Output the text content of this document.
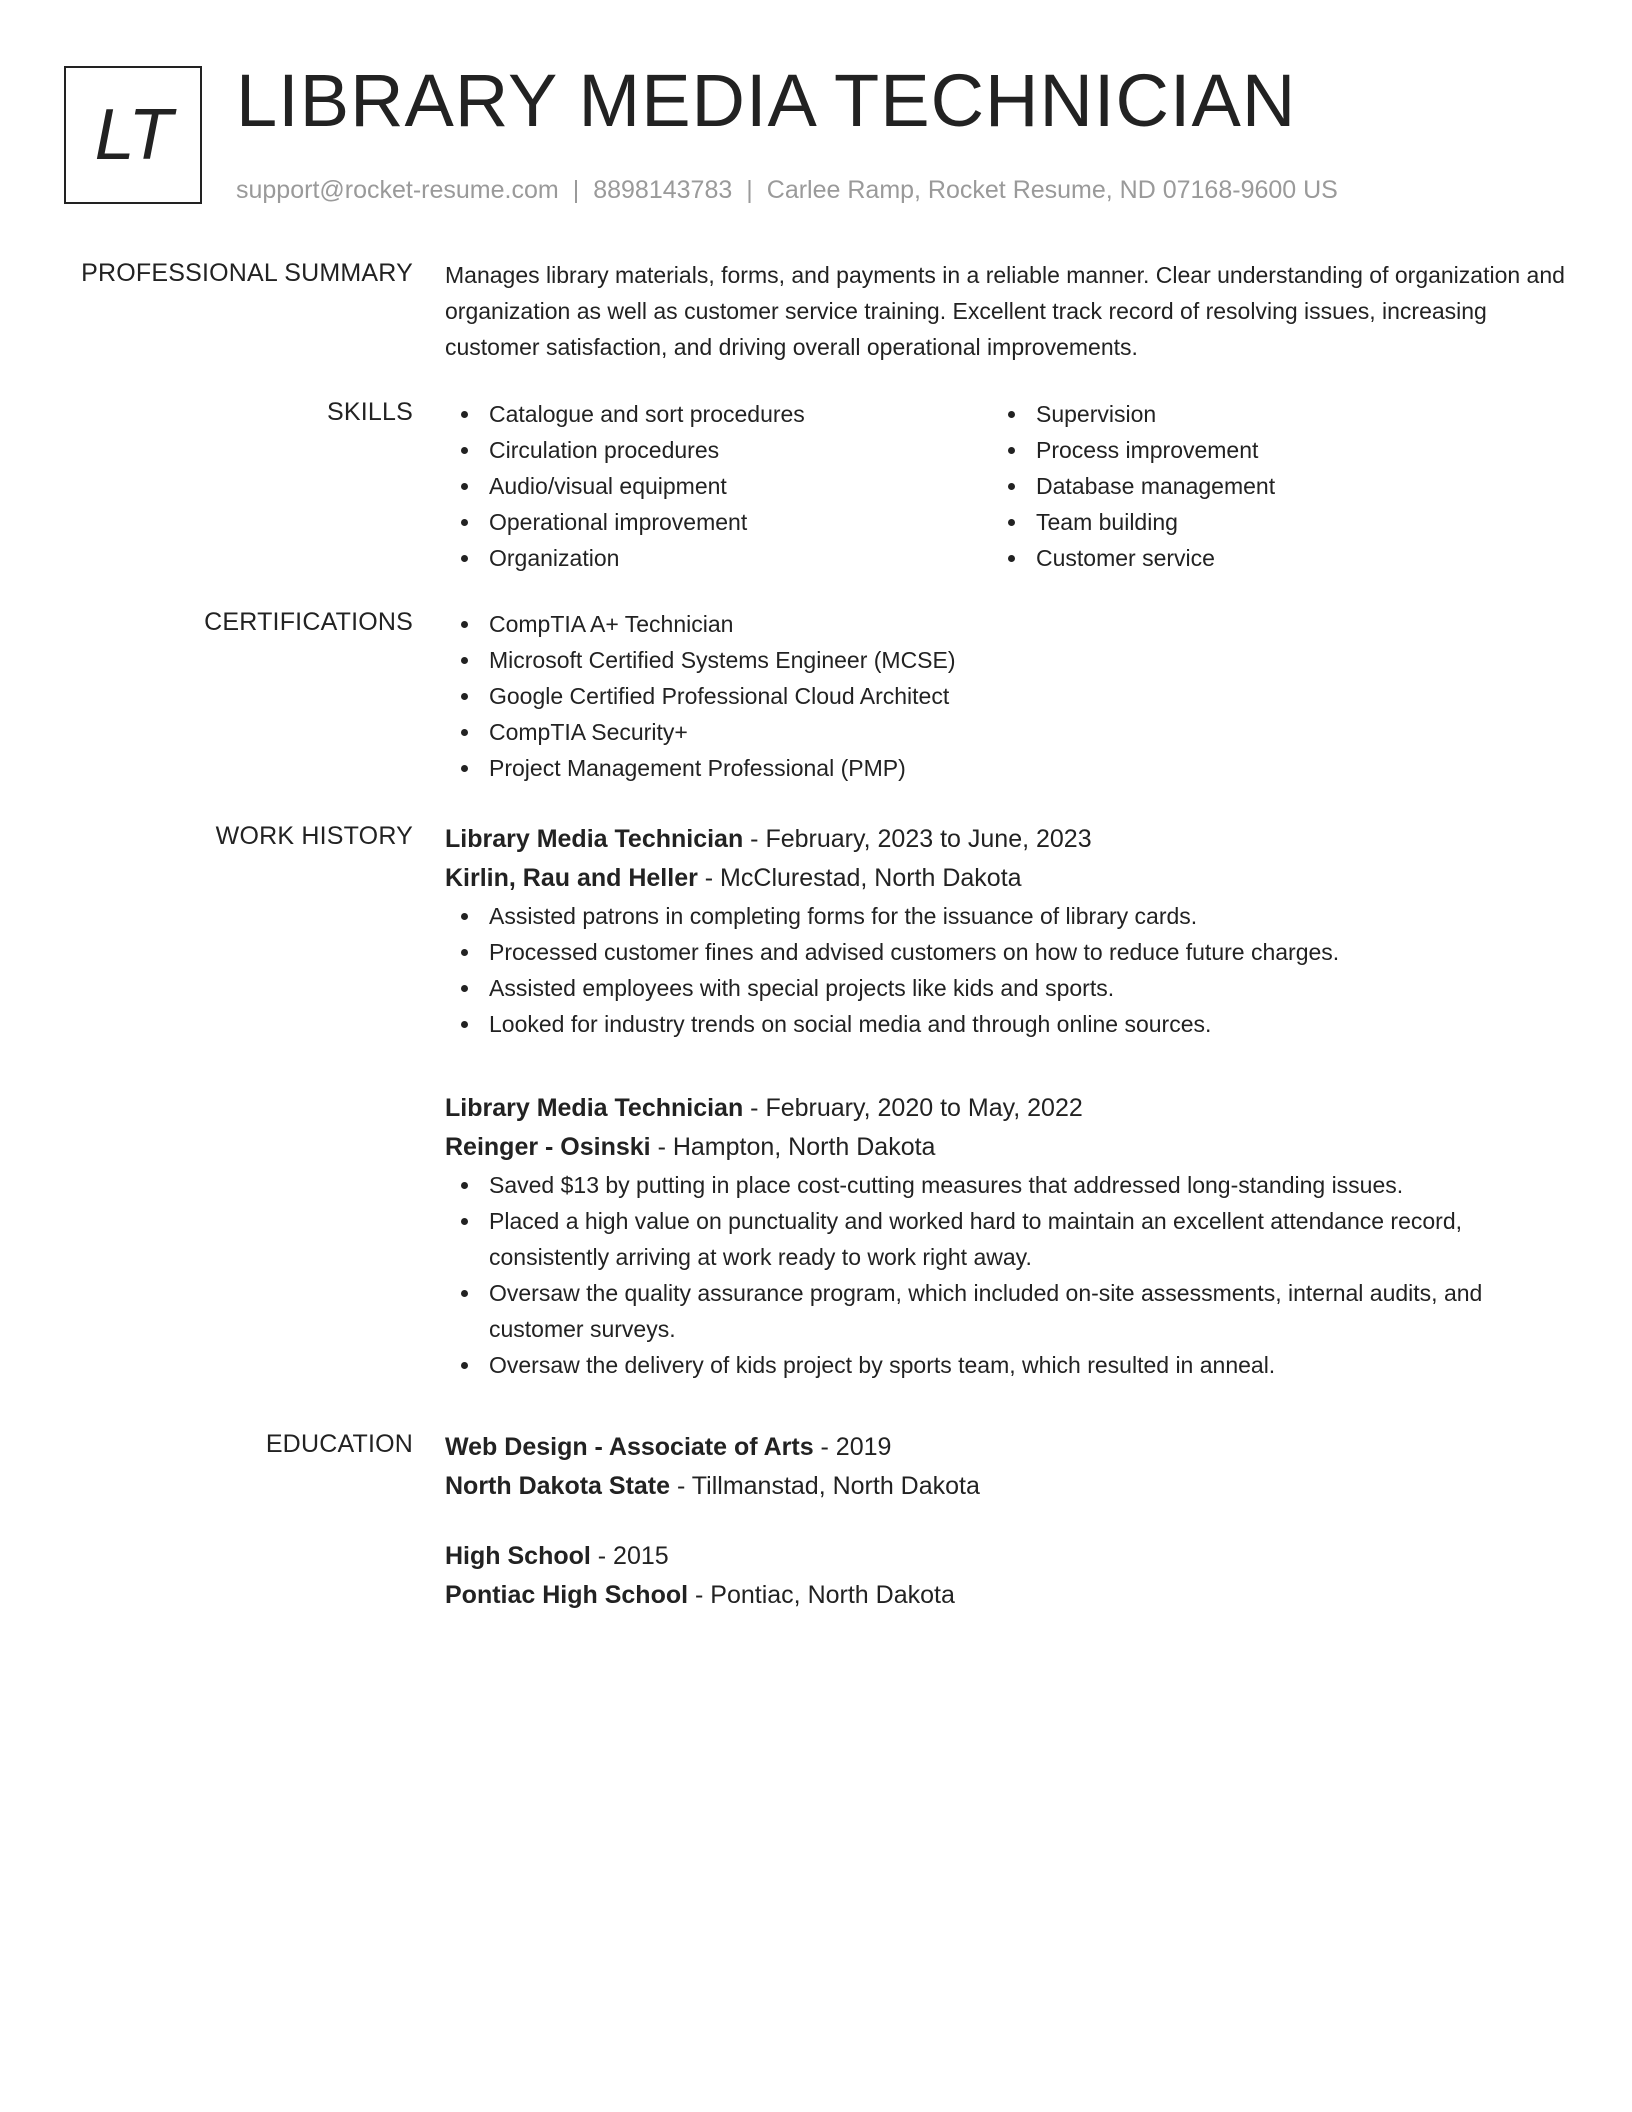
LT LIBRARY MEDIA TECHNICIAN
support@rocket-resume.com | 8898143783 | Carlee Ramp, Rocket Resume, ND 07168-9600 US
PROFESSIONAL SUMMARY Manages library materials, forms, and payments in a reliable manner. Clear understanding of organization and organization as well as customer service training. Excellent track record of resolving issues, increasing customer satisfaction, and driving overall operational improvements.

SKILLS	Catalogue and sort procedures
Circulation procedures
Audio/visual equipment
Operational improvement
Organization
Supervision
Process improvement
Database management
Team building
Customer service
CERTIFICATIONS	CompTIA A+ Technician
Microsoft Certified Systems Engineer (MCSE)
Google Certified Professional Cloud Architect
CompTIA Security+
Project Management Professional (PMP)
WORK HISTORY Library Media Technician - February, 2023 to June, 2023
Kirlin, Rau and Heller - McClurestad, North Dakota
Assisted patrons in completing forms for the issuance of library cards.
Processed customer fines and advised customers on how to reduce future charges.
Assisted employees with special projects like kids and sports.
Looked for industry trends on social media and through online sources.
Library Media Technician - February, 2020 to May, 2022
Reinger - Osinski - Hampton, North Dakota
Saved $13 by putting in place cost-cutting measures that addressed long-standing issues.
Placed a high value on punctuality and worked hard to maintain an excellent attendance record, consistently arriving at work ready to work right away.
Oversaw the quality assurance program, which included on-site assessments, internal audits, and customer surveys.
Oversaw the delivery of kids project by sports team, which resulted in anneal.
EDUCATION Web Design - Associate of Arts - 2019
North Dakota State - Tillmanstad, North Dakota
High School - 2015
Pontiac High School - Pontiac, North Dakota
